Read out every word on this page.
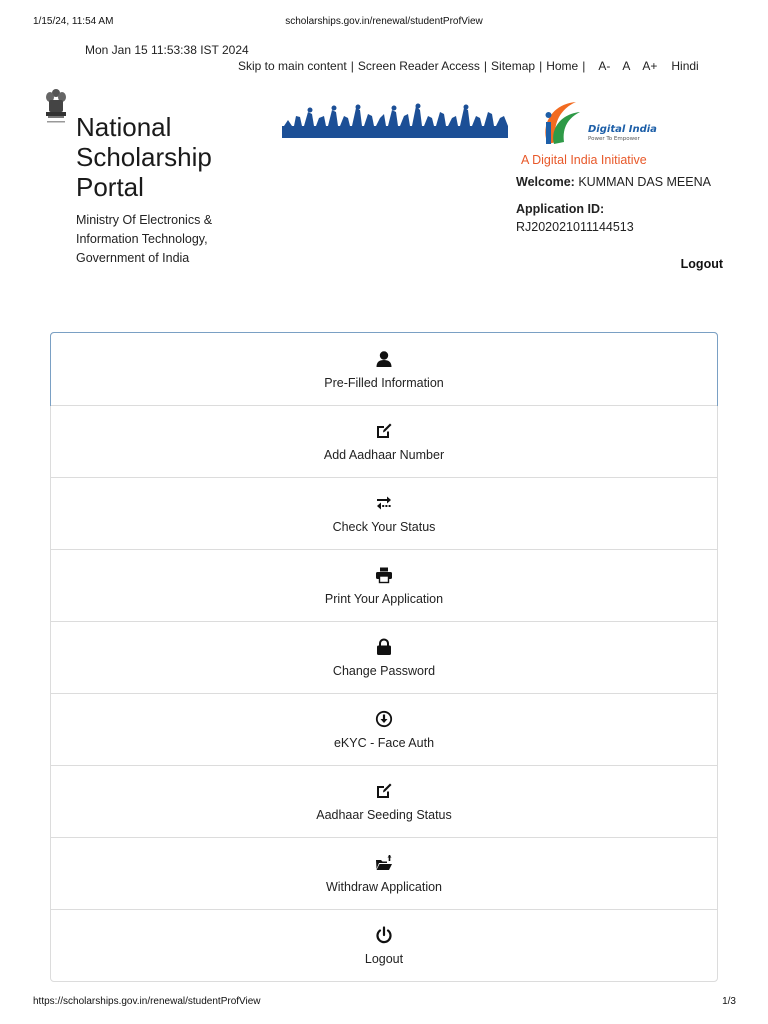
1/15/24, 11:54 AM	scholarships.gov.in/renewal/studentProfView
Mon Jan 15 11:53:38 IST 2024
Skip to main content | Screen Reader Access | Sitemap | Home | A- A A+ Hindi
National
Scholarship
Portal
Ministry Of Electronics &
Information Technology,
Government of India
Digital India
Power To Empower
A Digital India Initiative
Welcome: KUMMAN DAS MEENA
Application ID:
RJ202021011144513
Logout
Pre-Filled Information
Add Aadhaar Number
Check Your Status
Print Your Application
Change Password
eKYC - Face Auth
Aadhaar Seeding Status
Withdraw Application
Logout
https://scholarships.gov.in/renewal/studentProfView	1/3
